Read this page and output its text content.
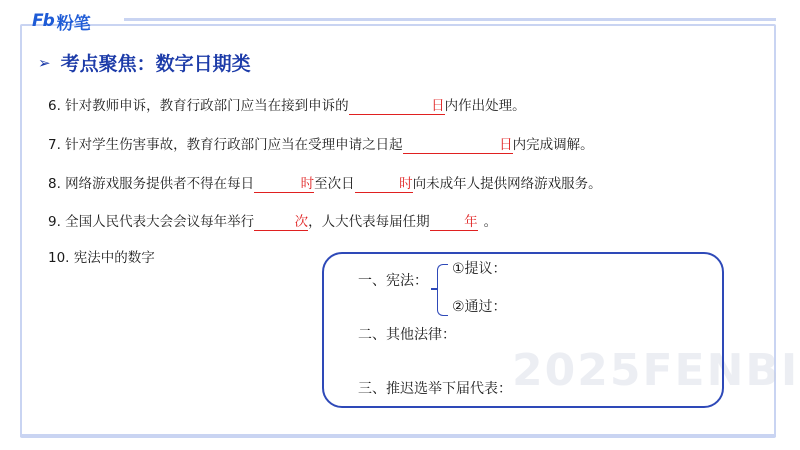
Fb 粉笔
➢ 考点聚焦：数字日期类
6. 针对教师申诉，教育行政部门应当在接到申诉的	日 内作出处理。
7. 针对学生伤害事故，教育行政部门应当在受理申请之日起	日 内完成调解。
8. 网络游戏服务提供者不得在每日	时 至次日	时 向未成年人提供网络游戏服务。
9. 全国人民代表大会会议每年举行	次 ，人大代表每届任期	年 。
10. 宪法中的数字
2025FENBI
一、宪法：
①提议：
②通过：
二、其他法律：
三、推迟选举下届代表：
